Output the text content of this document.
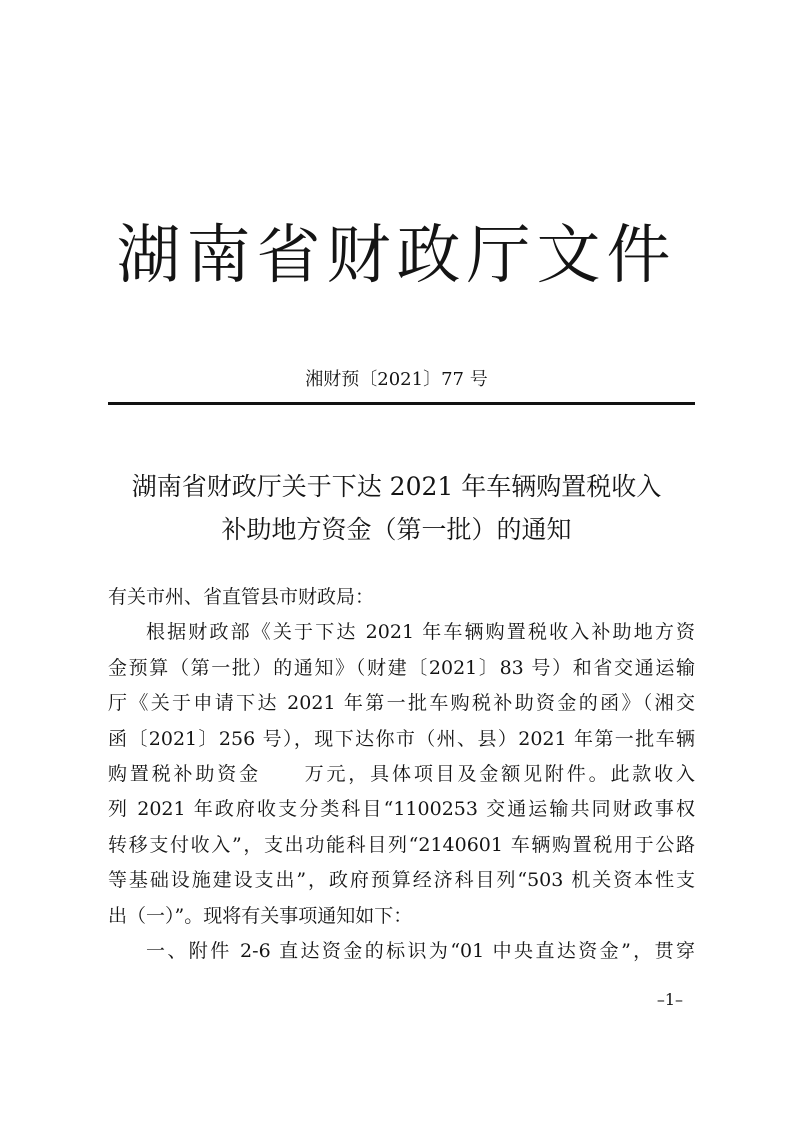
湖南省财政厅文件
湘财预〔2021〕77 号
湖南省财政厅关于下达 2021 年车辆购置税收入
补助地方资金（第一批）的通知
有关市州、省直管县市财政局：
根据财政部《关于下达 2021 年车辆购置税收入补助地方资
金预算（第一批）的通知》（财建〔2021〕83 号）和省交通运输
厅《关于申请下达 2021 年第一批车购税补助资金的函》（湘交
函〔2021〕256 号），现下达你市（州、县）2021 年第一批车辆
购置税补助资金　　万元，具体项目及金额见附件。此款收入
列 2021 年政府收支分类科目“1100253 交通运输共同财政事权
转移支付收入”，支出功能科目列“2140601 车辆购置税用于公路
等基础设施建设支出”，政府预算经济科目列“503 机关资本性支
出（一）”。现将有关事项通知如下：
一、附件 2-6 直达资金的标识为“01 中央直达资金”，贯穿
–1–
